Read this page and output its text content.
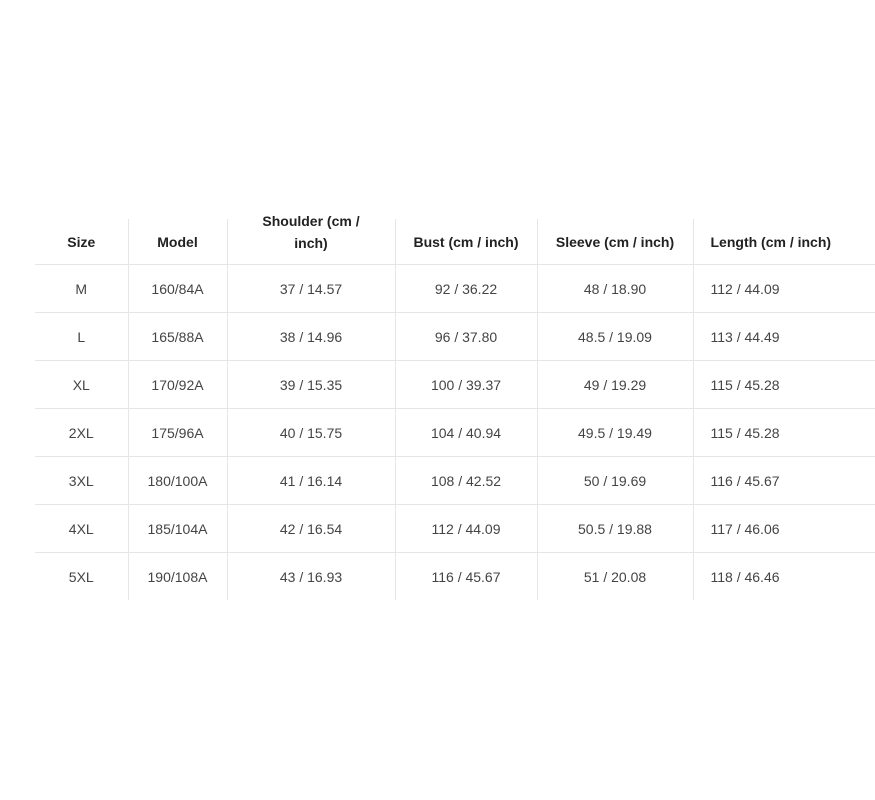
Size	Model	Shoulder (cm / inch)	Bust (cm / inch)	Sleeve (cm / inch)	Length (cm / inch)

M	160/84A	37 / 14.57	92 / 36.22	48 / 18.90	112 / 44.09
L	165/88A	38 / 14.96	96 / 37.80	48.5 / 19.09	113 / 44.49
XL	170/92A	39 / 15.35	100 / 39.37	49 / 19.29	115 / 45.28
2XL	175/96A	40 / 15.75	104 / 40.94	49.5 / 19.49	115 / 45.28
3XL	180/100A	41 / 16.14	108 / 42.52	50 / 19.69	116 / 45.67
4XL	185/104A	42 / 16.54	112 / 44.09	50.5 / 19.88	117 / 46.06
5XL	190/108A	43 / 16.93	116 / 45.67	51 / 20.08	118 / 46.46
